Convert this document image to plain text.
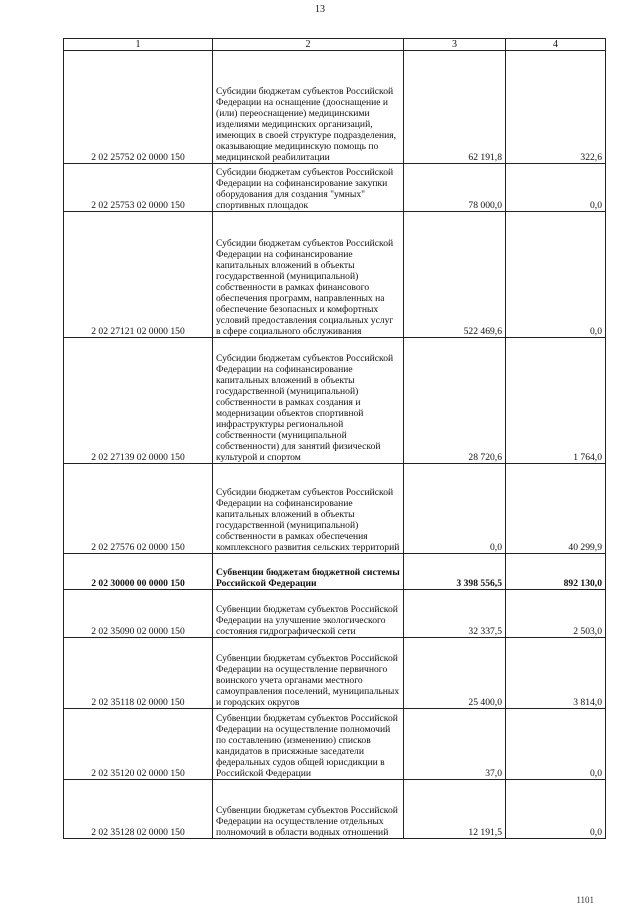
13
1	2	3	4
2 02 25752 02 0000 150	Субсидии бюджетам субъектов Российской Федерации на оснащение (дооснащение и (или) переоснащение) медицинскими изделиями медицинских организаций, имеющих в своей структуре подразделения, оказывающие медицинскую помощь по медицинской реабилитации	62 191,8	322,6
2 02 25753 02 0000 150	Субсидии бюджетам субъектов Российской Федерации на софинансирование закупки оборудования для создания "умных" спортивных площадок	78 000,0	0,0
2 02 27121 02 0000 150	Субсидии бюджетам субъектов Российской Федерации на софинансирование капитальных вложений в объекты государственной (муниципальной) собственности в рамках финансового обеспечения программ, направленных на обеспечение безопасных и комфортных условий предоставления социальных услуг в сфере социального обслуживания	522 469,6	0,0
2 02 27139 02 0000 150	Субсидии бюджетам субъектов Российской Федерации на софинансирование капитальных вложений в объекты государственной (муниципальной) собственности в рамках создания и модернизации объектов спортивной инфраструктуры региональной собственности (муниципальной собственности) для занятий физической культурой и спортом	28 720,6	1 764,0
2 02 27576 02 0000 150	Субсидии бюджетам субъектов Российской Федерации на софинансирование капитальных вложений в объекты государственной (муниципальной) собственности в рамках обеспечения комплексного развития сельских территорий	0,0	40 299,9
2 02 30000 00 0000 150	Субвенции бюджетам бюджетной системы Российской Федерации	3 398 556,5	892 130,0
2 02 35090 02 0000 150	Субвенции бюджетам субъектов Российской Федерации на улучшение экологического состояния гидрографической сети	32 337,5	2 503,0
2 02 35118 02 0000 150	Субвенции бюджетам субъектов Российской Федерации на осуществление первичного воинского учета органами местного самоуправления поселений, муниципальных и городских округов	25 400,0	3 814,0
2 02 35120 02 0000 150	Субвенции бюджетам субъектов Российской Федерации на осуществление полномочий по составлению (изменению) списков кандидатов в присяжные заседатели федеральных судов общей юрисдикции в Российской Федерации	37,0	0,0
2 02 35128 02 0000 150	Субвенции бюджетам субъектов Российской Федерации на осуществление отдельных полномочий в области водных отношений	12 191,5	0,0
1101
